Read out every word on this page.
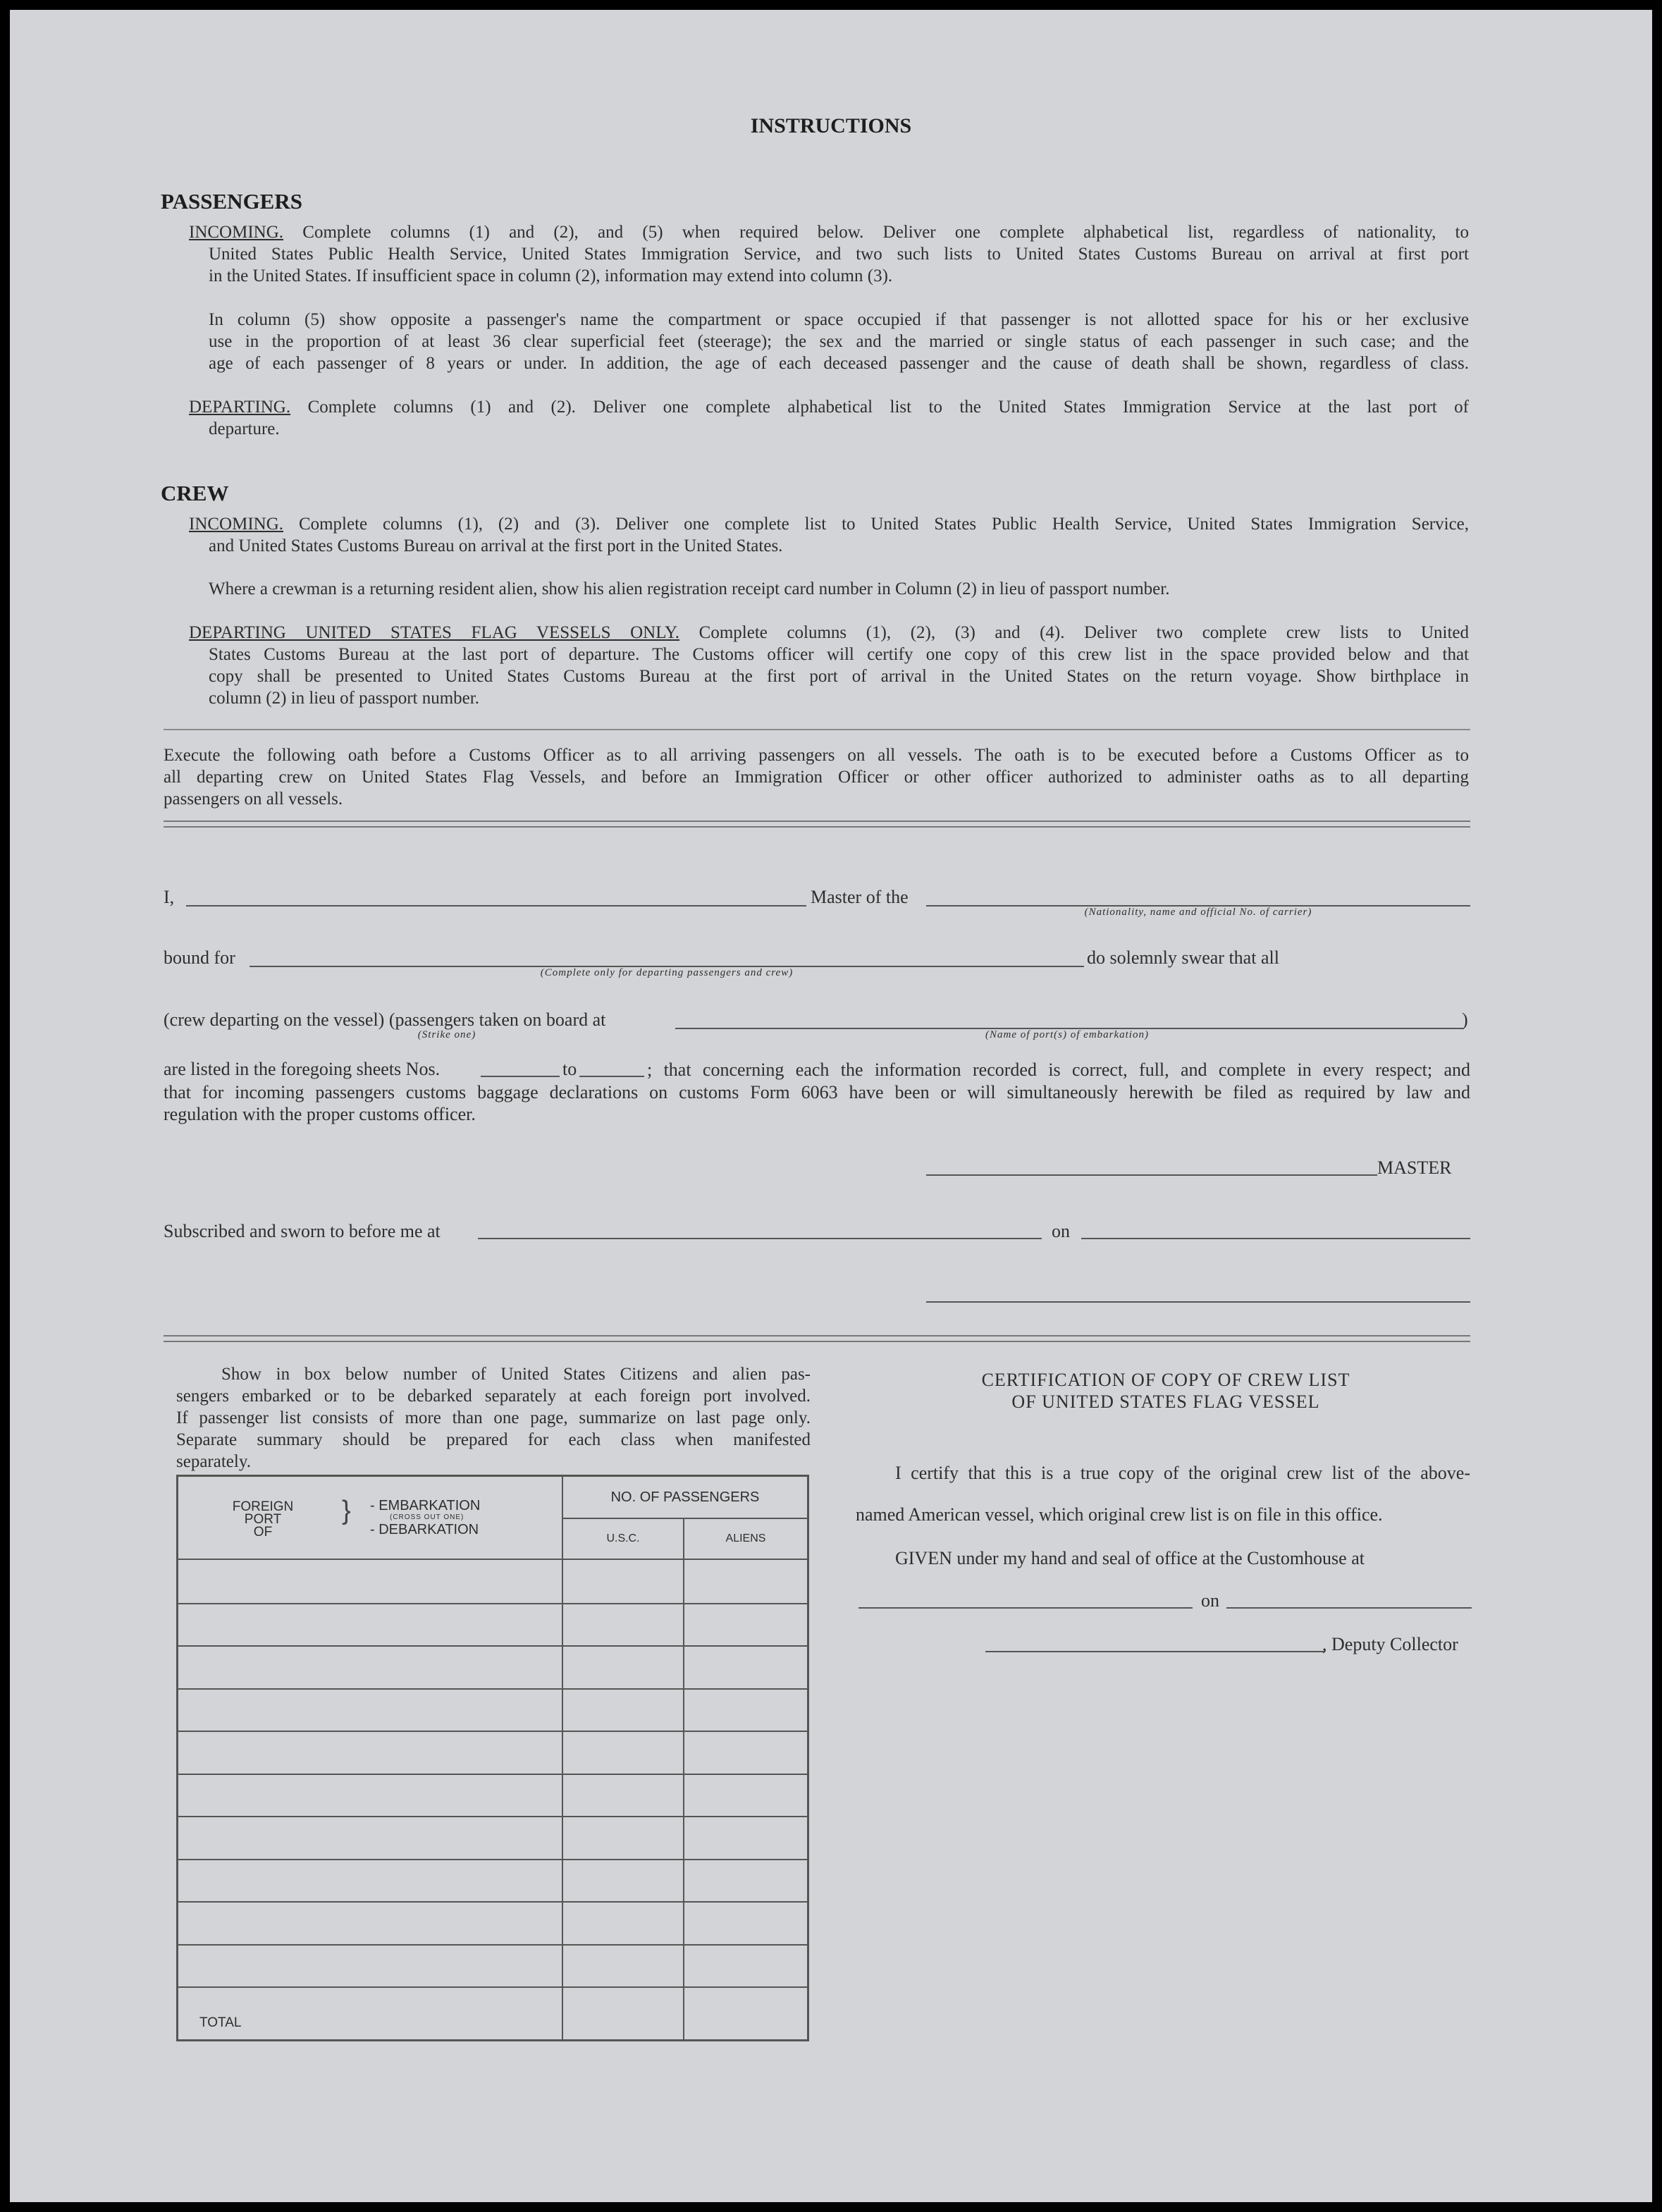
INSTRUCTIONS
PASSENGERS
INCOMING. Complete columns (1) and (2), and (5) when required below. Deliver one complete alphabetical list, regardless of nationality, to
United States Public Health Service, United States Immigration Service, and two such lists to United States Customs Bureau on arrival at first port
in the United States. If insufficient space in column (2), information may extend into column (3).
In column (5) show opposite a passenger's name the compartment or space occupied if that passenger is not allotted space for his or her exclusive
use in the proportion of at least 36 clear superficial feet (steerage); the sex and the married or single status of each passenger in such case; and the
age of each passenger of 8 years or under. In addition, the age of each deceased passenger and the cause of death shall be shown, regardless of class.
DEPARTING. Complete columns (1) and (2). Deliver one complete alphabetical list to the United States Immigration Service at the last port of
departure.
CREW
INCOMING. Complete columns (1), (2) and (3). Deliver one complete list to United States Public Health Service, United States Immigration Service,
and United States Customs Bureau on arrival at the first port in the United States.
Where a crewman is a returning resident alien, show his alien registration receipt card number in Column (2) in lieu of passport number.
DEPARTING UNITED STATES FLAG VESSELS ONLY. Complete columns (1), (2), (3) and (4). Deliver two complete crew lists to United
States Customs Bureau at the last port of departure. The Customs officer will certify one copy of this crew list in the space provided below and that
copy shall be presented to United States Customs Bureau at the first port of arrival in the United States on the return voyage. Show birthplace in
column (2) in lieu of passport number.
Execute the following oath before a Customs Officer as to all arriving passengers on all vessels. The oath is to be executed before a Customs Officer as to
all departing crew on United States Flag Vessels, and before an Immigration Officer or other officer authorized to administer oaths as to all departing
passengers on all vessels.
I,	Master of the
(Nationality, name and official No. of carrier)
bound for
(Complete only for departing passengers and crew)
do solemnly swear that all
(crew departing on the vessel) (passengers taken on board at
(Strike one)
)
(Name of port(s) of embarkation)
are listed in the foregoing sheets Nos.	to	; that concerning each the information recorded is correct, full, and complete in every respect; and
that for incoming passengers customs baggage declarations on customs Form 6063 have been or will simultaneously herewith be filed as required by law and
regulation with the proper customs officer.
MASTER
Subscribed and sworn to before me at	on
Show in box below number of United States Citizens and alien pas-
sengers embarked or to be debarked separately at each foreign port involved.
If passenger list consists of more than one page, summarize on last page only.
Separate summary should be prepared for each class when manifested
separately.
FOREIGN
PORT
OF
} - EMBARKATION
(CROSS OUT ONE)
- DEBARKATION
NO. OF PASSENGERS
U.S.C.	ALIENS
TOTAL
CERTIFICATION OF COPY OF CREW LIST
OF UNITED STATES FLAG VESSEL
I certify that this is a true copy of the original crew list of the above-
named American vessel, which original crew list is on file in this office.
GIVEN under my hand and seal of office at the Customhouse at
on
, Deputy Collector
